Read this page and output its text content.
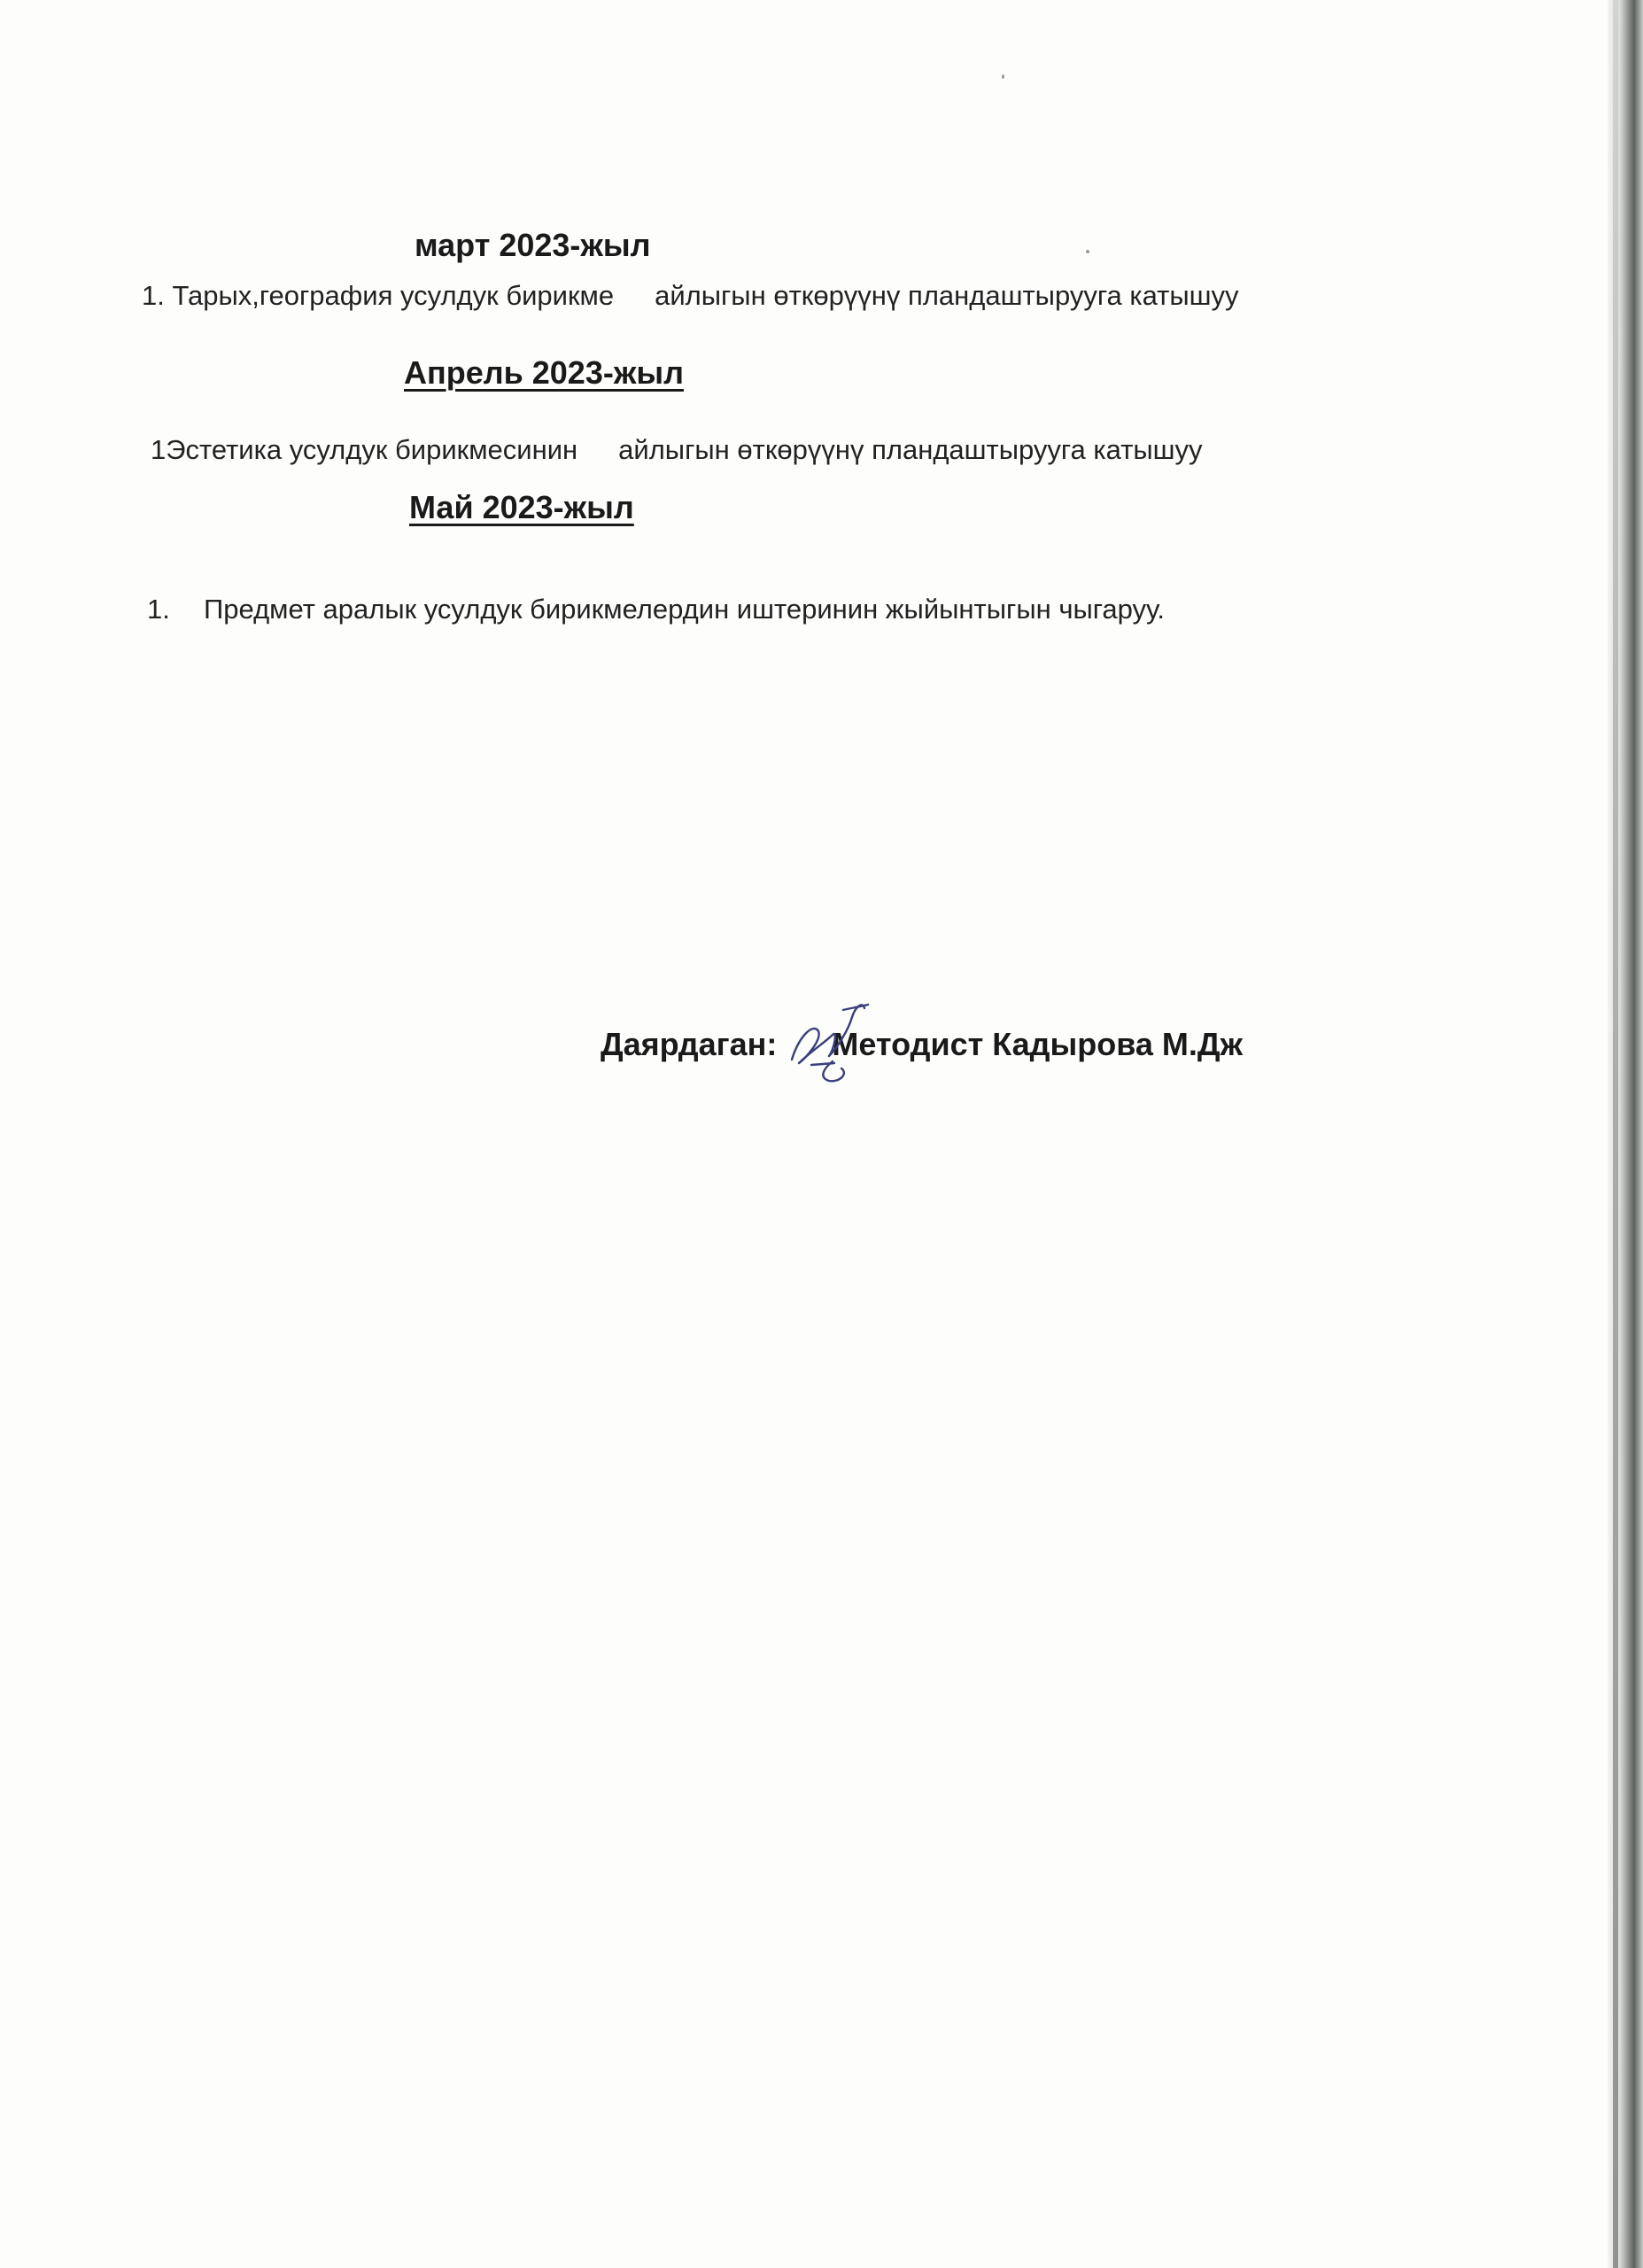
март 2023-жыл
1. Тарых,география усулдук бирикме айлыгын өткөрүүнү пландаштырууга катышуу
Апрель 2023-жыл
1Эстетика усулдук бирикмесинин айлыгын өткөрүүнү пландаштырууга катышуу
Май 2023-жыл
1. Предмет аралык усулдук бирикмелердин иштеринин жыйынтыгын чыгаруу.
Даярдаган: Методист Кадырова М.Дж
